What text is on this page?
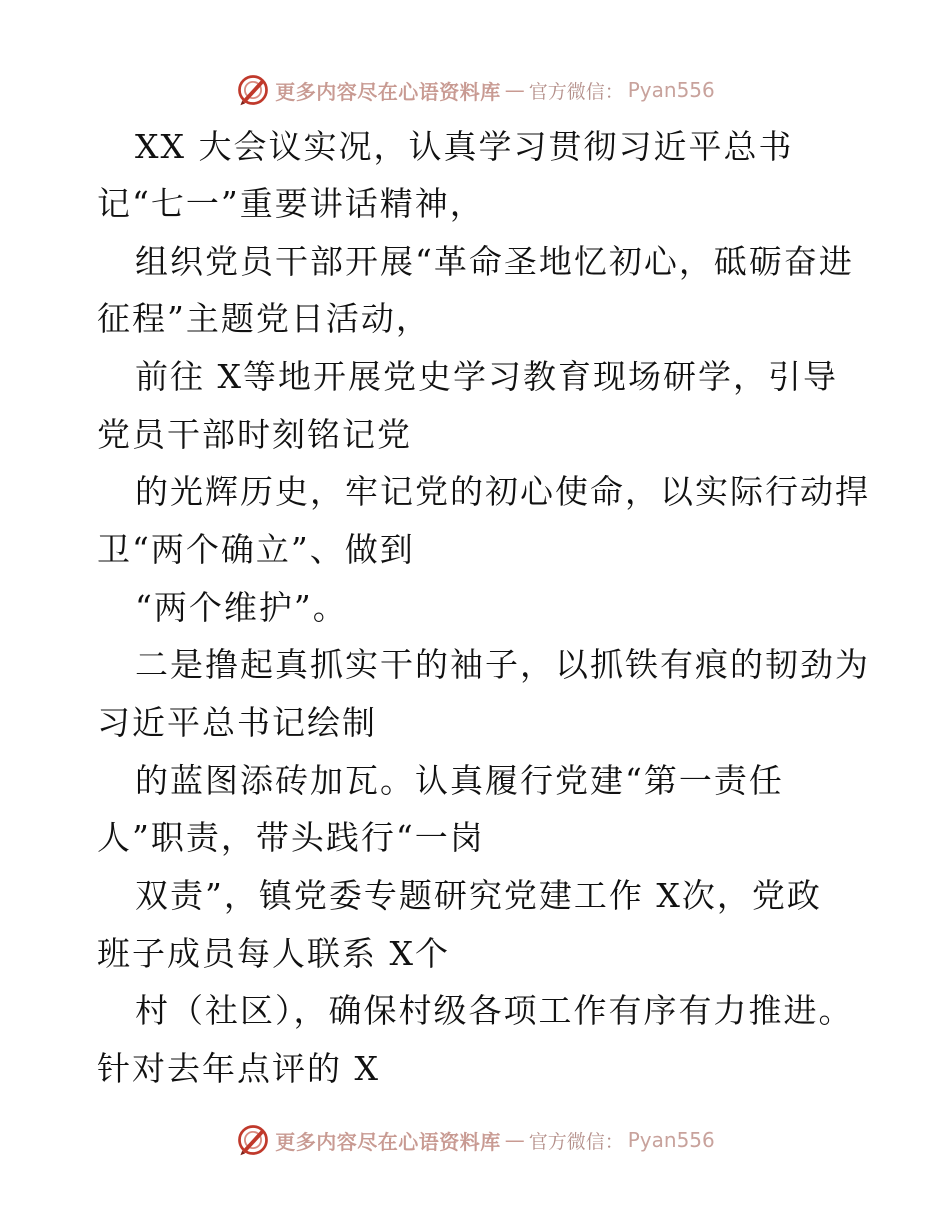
更多内容尽在心语资料库 — 官方微信： Pyan556
XX 大会议实况，认真学习贯彻习近平总书
记“七一”重要讲话精神，
组织党员干部开展“革命圣地忆初心，砥砺奋进
征程”主题党日活动，
前往 X等地开展党史学习教育现场研学，引导
党员干部时刻铭记党
的光辉历史，牢记党的初心使命，以实际行动捍
卫“两个确立”、做到
“两个维护”。
二是撸起真抓实干的袖子，以抓铁有痕的韧劲为
习近平总书记绘制
的蓝图添砖加瓦。认真履行党建“第一责任
人”职责，带头践行“一岗
双责”，镇党委专题研究党建工作 X次，党政
班子成员每人联系 X个
村（社区），确保村级各项工作有序有力推进。
针对去年点评的 X
更多内容尽在心语资料库 — 官方微信： Pyan556
